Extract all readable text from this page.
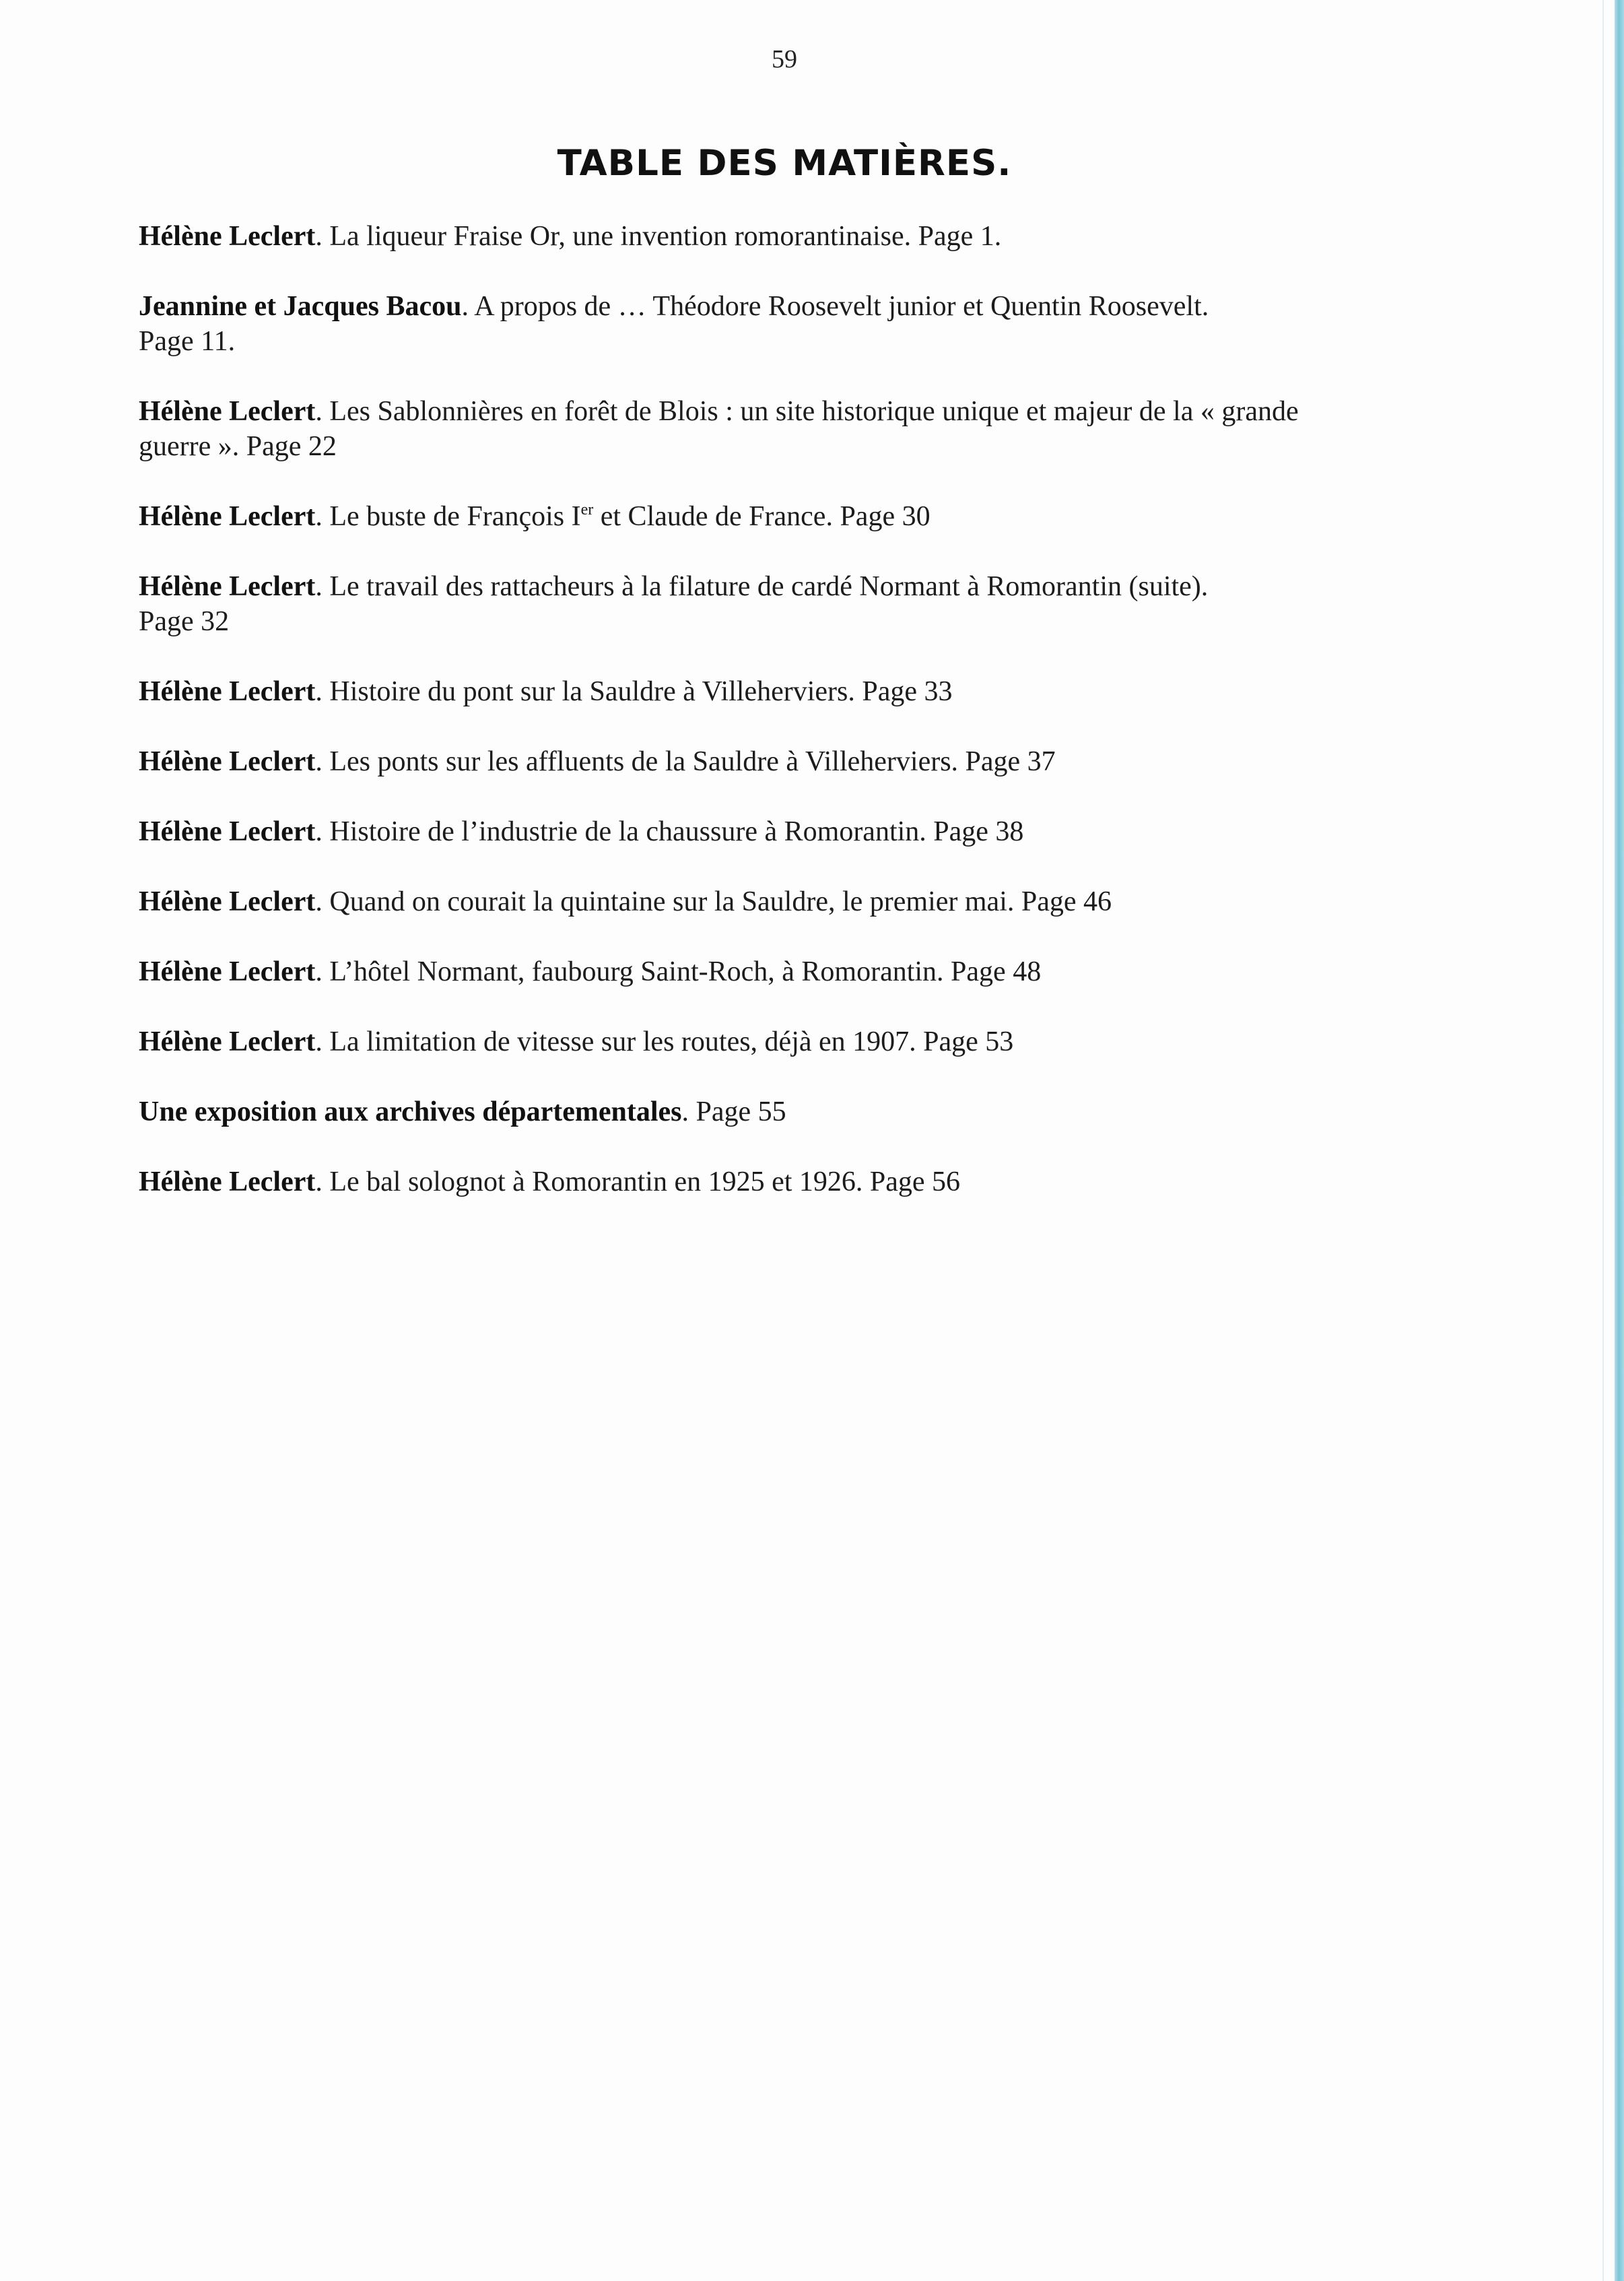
59
TABLE DES MATIÈRES.
Hélène Leclert. La liqueur Fraise Or, une invention romorantinaise. Page 1.
Jeannine et Jacques Bacou. A propos de … Théodore Roosevelt junior et Quentin Roosevelt.
Page 11.
Hélène Leclert. Les Sablonnières en forêt de Blois : un site historique unique et majeur de la « grande
guerre ». Page 22
Hélène Leclert. Le buste de François Ier et Claude de France. Page 30
Hélène Leclert. Le travail des rattacheurs à la filature de cardé Normant à Romorantin (suite).
Page 32
Hélène Leclert. Histoire du pont sur la Sauldre à Villeherviers. Page 33
Hélène Leclert. Les ponts sur les affluents de la Sauldre à Villeherviers. Page 37
Hélène Leclert. Histoire de l’industrie de la chaussure à Romorantin. Page 38
Hélène Leclert. Quand on courait la quintaine sur la Sauldre, le premier mai. Page 46
Hélène Leclert. L’hôtel Normant, faubourg Saint-Roch, à Romorantin. Page 48
Hélène Leclert. La limitation de vitesse sur les routes, déjà en 1907. Page 53
Une exposition aux archives départementales. Page 55
Hélène Leclert. Le bal solognot à Romorantin en 1925 et 1926. Page 56
